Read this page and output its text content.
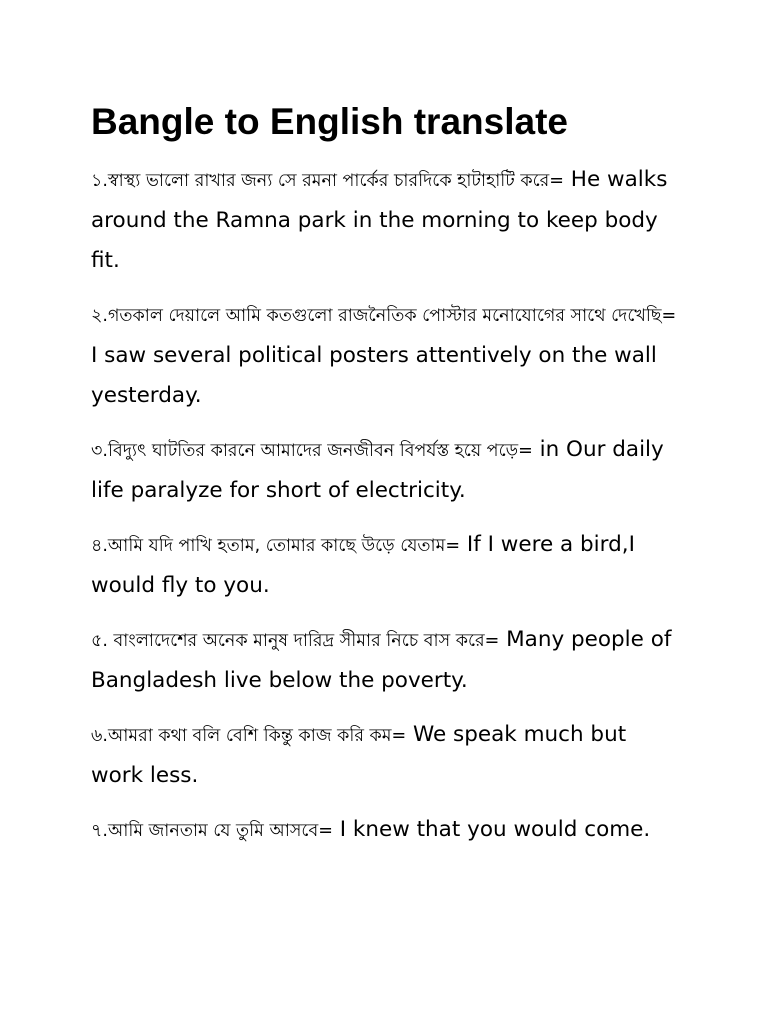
Bangle to English translate

১.স্বাস্থ্য ভালো রাখার জন্য সে রমনা পার্কের চারদিকে হাটাহাটি করে= He walks around the Ramna park in the morning to keep body fit.

২.গতকাল দেয়ালে আমি কতগুলো রাজনৈতিক পোস্টার মনোযোগের সাথে দেখেছি= I saw several political posters attentively on the wall yesterday.

৩.বিদ্যুৎ ঘাটতির কারনে আমাদের জনজীবন বিপর্যস্ত হয়ে পড়ে= in Our daily life paralyze for short of electricity.

৪.আমি যদি পাখি হতাম, তোমার কাছে উড়ে যেতাম= If I were a bird,I would fly to you.

৫. বাংলাদেশের অনেক মানুষ দারিদ্র সীমার নিচে বাস করে= Many people of Bangladesh live below the poverty.

৬.আমরা কথা বলি বেশি কিন্তু কাজ করি কম= We speak much but work less.

৭.আমি জানতাম যে তুমি আসবে= I knew that you would come.
